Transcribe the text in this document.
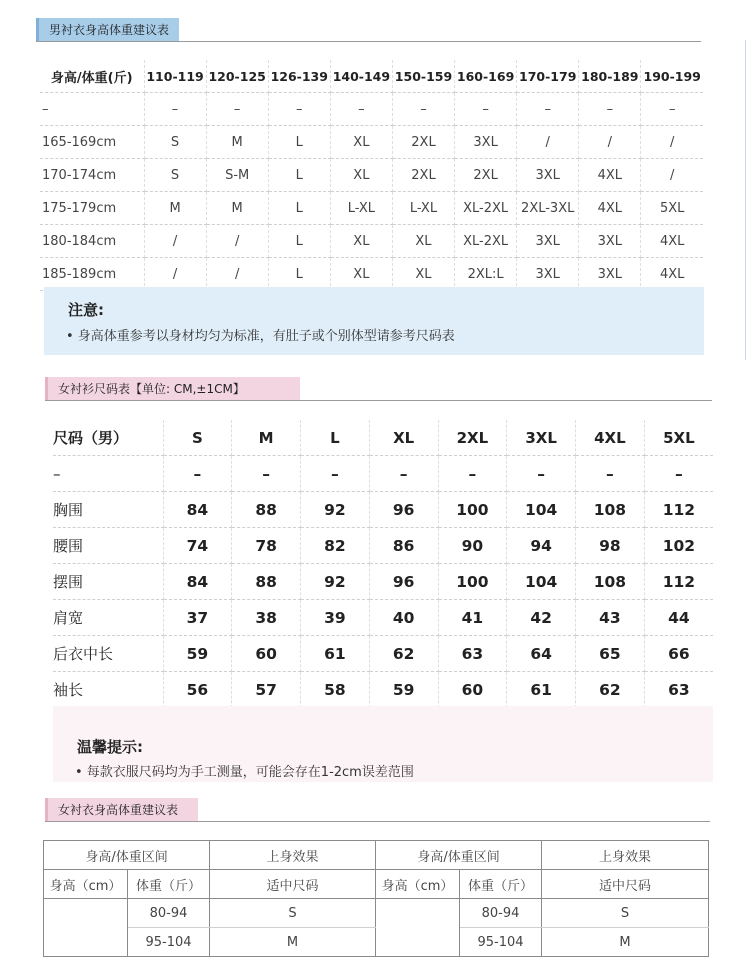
男衬衣身高体重建议表
身高/体重(斤)	110-119	120-125	126-139	140-149	150-159	160-169	170-179	180-189	190-199
–	–	–	–	–	–	–	–	–	–
165-169cm	S	M	L	XL	2XL	3XL	/	/	/
170-174cm	S	S-M	L	XL	2XL	2XL	3XL	4XL	/
175-179cm	M	M	L	L-XL	L-XL	XL-2XL	2XL-3XL	4XL	5XL
180-184cm	/	/	L	XL	XL	XL-2XL	3XL	3XL	4XL
185-189cm	/	/	L	XL	XL	2XL:L	3XL	3XL	4XL
注意:
• 身高体重参考以身材均匀为标准，有肚子或个别体型请参考尺码表
女衬衫尺码表【单位: CM,±1CM】
尺码（男）	S	M	L	XL	2XL	3XL	4XL	5XL
–	–	–	–	–	–	–	–	–
胸围	84	88	92	96	100	104	108	112
腰围	74	78	82	86	90	94	98	102
摆围	84	88	92	96	100	104	108	112
肩宽	37	38	39	40	41	42	43	44
后衣中长	59	60	61	62	63	64	65	66
袖长	56	57	58	59	60	61	62	63
温馨提示:
• 每款衣服尺码均为手工测量，可能会存在1-2cm误差范围
女衬衣身高体重建议表
身高/体重区间		上身效果	身高/体重区间		上身效果
身高（cm）	体重（斤）	适中尺码	身高（cm）	体重（斤）	适中尺码
	80-94	S		80-94	S
	95-104	M		95-104	M
